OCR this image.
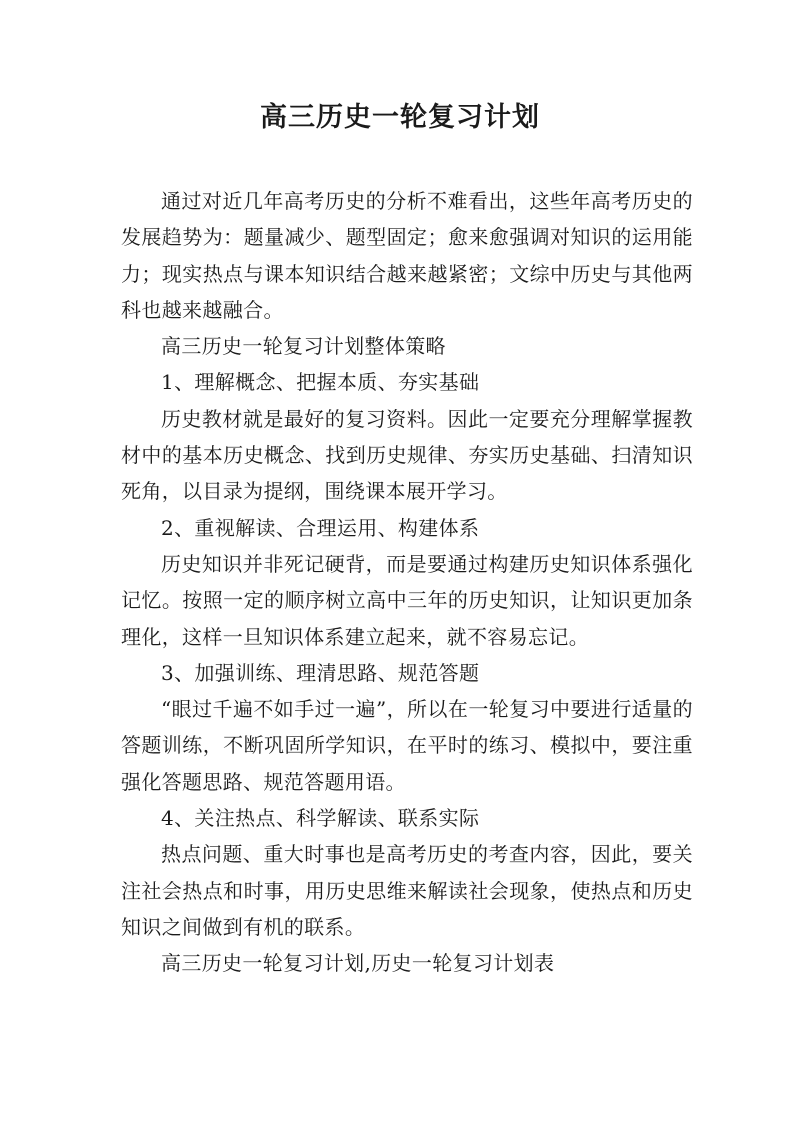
高三历史一轮复习计划

通过对近几年高考历史的分析不难看出，这些年高考历史的发展趋势为：题量减少、题型固定；愈来愈强调对知识的运用能力；现实热点与课本知识结合越来越紧密；文综中历史与其他两科也越来越融合。

高三历史一轮复习计划整体策略

1、理解概念、把握本质、夯实基础

历史教材就是最好的复习资料。因此一定要充分理解掌握教材中的基本历史概念、找到历史规律、夯实历史基础、扫清知识死角，以目录为提纲，围绕课本展开学习。

2、重视解读、合理运用、构建体系

历史知识并非死记硬背，而是要通过构建历史知识体系强化记忆。按照一定的顺序树立高中三年的历史知识，让知识更加条理化，这样一旦知识体系建立起来，就不容易忘记。

3、加强训练、理清思路、规范答题

“眼过千遍不如手过一遍”，所以在一轮复习中要进行适量的答题训练，不断巩固所学知识，在平时的练习、模拟中，要注重强化答题思路、规范答题用语。

4、关注热点、科学解读、联系实际

热点问题、重大时事也是高考历史的考查内容，因此，要关注社会热点和时事，用历史思维来解读社会现象，使热点和历史知识之间做到有机的联系。

高三历史一轮复习计划,历史一轮复习计划表
